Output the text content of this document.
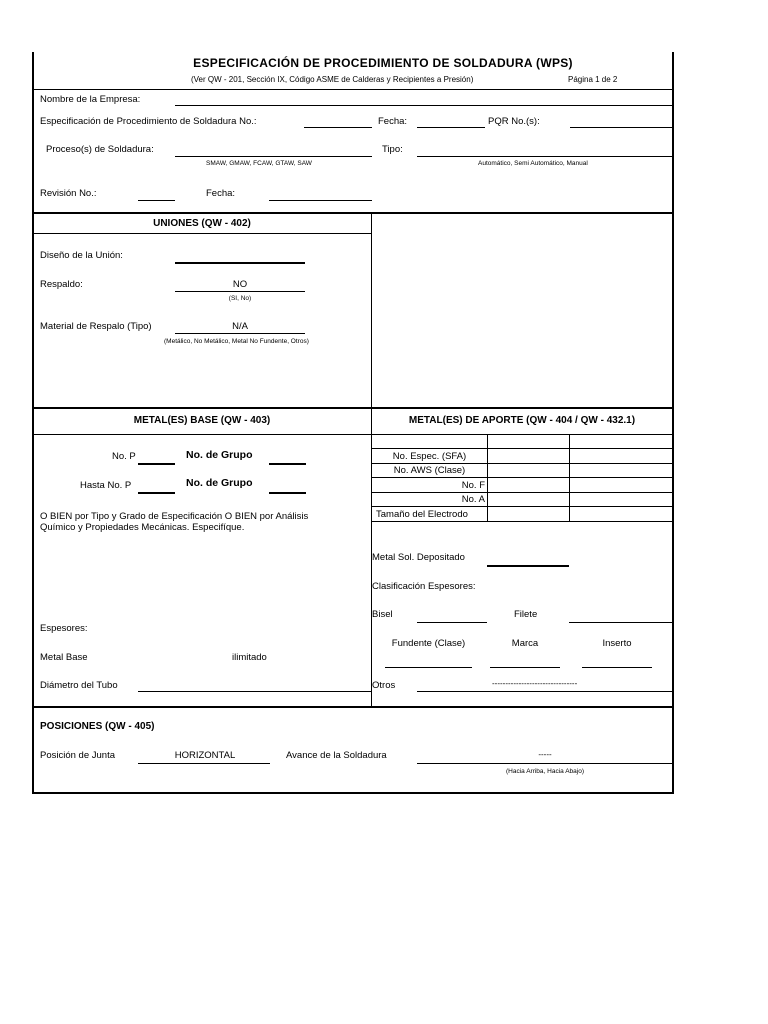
ESPECIFICACIÓN DE PROCEDIMIENTO DE SOLDADURA (WPS)
(Ver QW - 201, Sección IX, Código ASME de Calderas y Recipientes a Presión)	Página 1 de 2
Nombre de la Empresa:
Especificación de Procedimiento de Soldadura No.:	Fecha:	PQR No.(s):
Proceso(s) de Soldadura:
SMAW, GMAW, FCAW, GTAW, SAW
Tipo:
Automático, Semi Automático, Manual
Revisión No.:	Fecha:
UNIONES (QW - 402)
Diseño de la Unión:
Respaldo:	NO
(SI, No)
Material de Respalo (Tipo)	N/A
(Metálico, No Metálico, Metal No Fundente, Otros)
METAL(ES) BASE (QW - 403)	METAL(ES) DE APORTE (QW - 404 / QW - 432.1)
No. P	No. de Grupo
Hasta No. P	No. de Grupo
O BIEN por Tipo y Grado de Especificación O BIEN por Análisis
Químico y Propiedades Mecánicas. Especifíque.
Espesores:
Metal Base	ilimitado
Diámetro del Tubo
No. Espec. (SFA)
No. AWS (Clase)
No. F
No. A
Tamaño del Electrodo
Metal Sol. Depositado
Clasificación Espesores:
Bisel	Filete
Fundente (Clase)	Marca	Inserto
Otros	--------------------------------
POSICIONES (QW - 405)
Posición de Junta	HORIZONTAL	Avance de la Soldadura	-----
(Hacia Arriba, Hacia Abajo)
